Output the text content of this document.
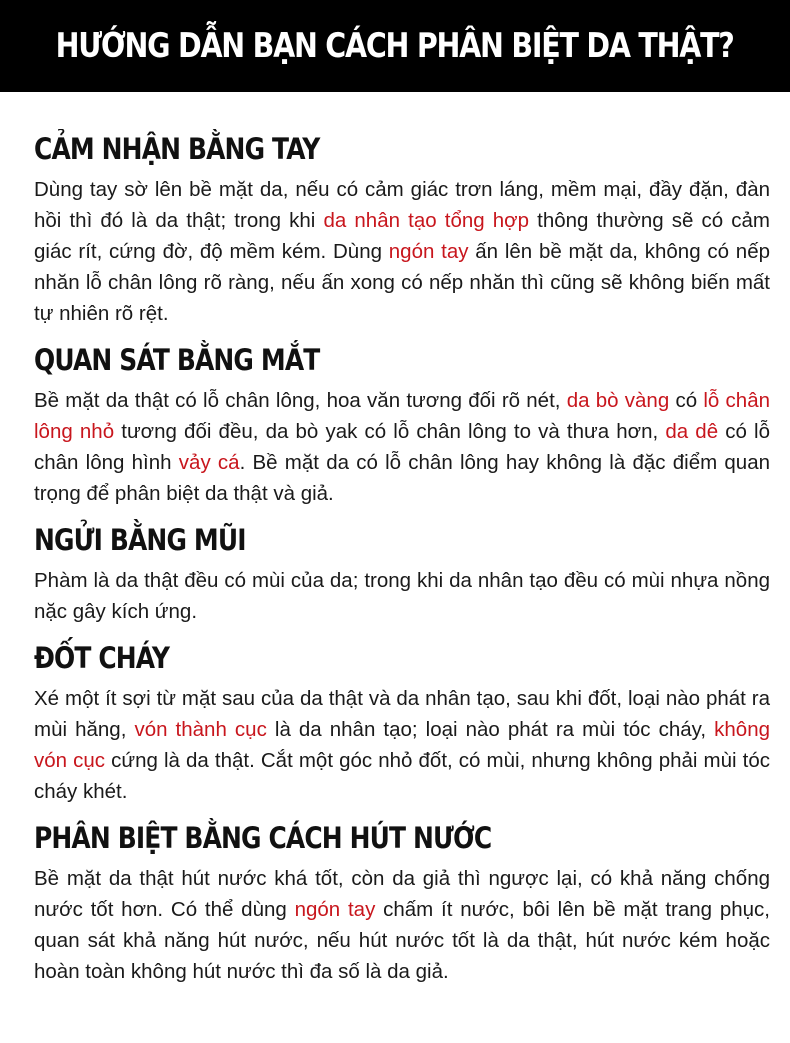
HƯỚNG DẪN BẠN CÁCH PHÂN BIỆT DA THẬT?
CẢM NHẬN BẰNG TAY

Dùng tay sờ lên bề mặt da, nếu có cảm giác trơn láng, mềm mại, đầy đặn, đàn hồi thì đó là da thật; trong khi da nhân tạo tổng hợp thông thường sẽ có cảm giác rít, cứng đờ, độ mềm kém. Dùng ngón tay ấn lên bề mặt da, không có nếp nhăn lỗ chân lông rõ ràng, nếu ấn xong có nếp nhăn thì cũng sẽ không biến mất tự nhiên rõ rệt.

QUAN SÁT BẰNG MẮT

Bề mặt da thật có lỗ chân lông, hoa văn tương đối rõ nét, da bò vàng có lỗ chân lông nhỏ tương đối đều, da bò yak có lỗ chân lông to và thưa hơn, da dê có lỗ chân lông hình vảy cá. Bề mặt da có lỗ chân lông hay không là đặc điểm quan trọng để phân biệt da thật và giả.

NGỬI BẰNG MŨI

Phàm là da thật đều có mùi của da; trong khi da nhân tạo đều có mùi nhựa nồng nặc gây kích ứng.

ĐỐT CHÁY

Xé một ít sợi từ mặt sau của da thật và da nhân tạo, sau khi đốt, loại nào phát ra mùi hăng, vón thành cục là da nhân tạo; loại nào phát ra mùi tóc cháy, không vón cục cứng là da thật. Cắt một góc nhỏ đốt, có mùi, nhưng không phải mùi tóc cháy khét.

PHÂN BIỆT BẰNG CÁCH HÚT NƯỚC

Bề mặt da thật hút nước khá tốt, còn da giả thì ngược lại, có khả năng chống nước tốt hơn. Có thể dùng ngón tay chấm ít nước, bôi lên bề mặt trang phục, quan sát khả năng hút nước, nếu hút nước tốt là da thật, hút nước kém hoặc hoàn toàn không hút nước thì đa số là da giả.
